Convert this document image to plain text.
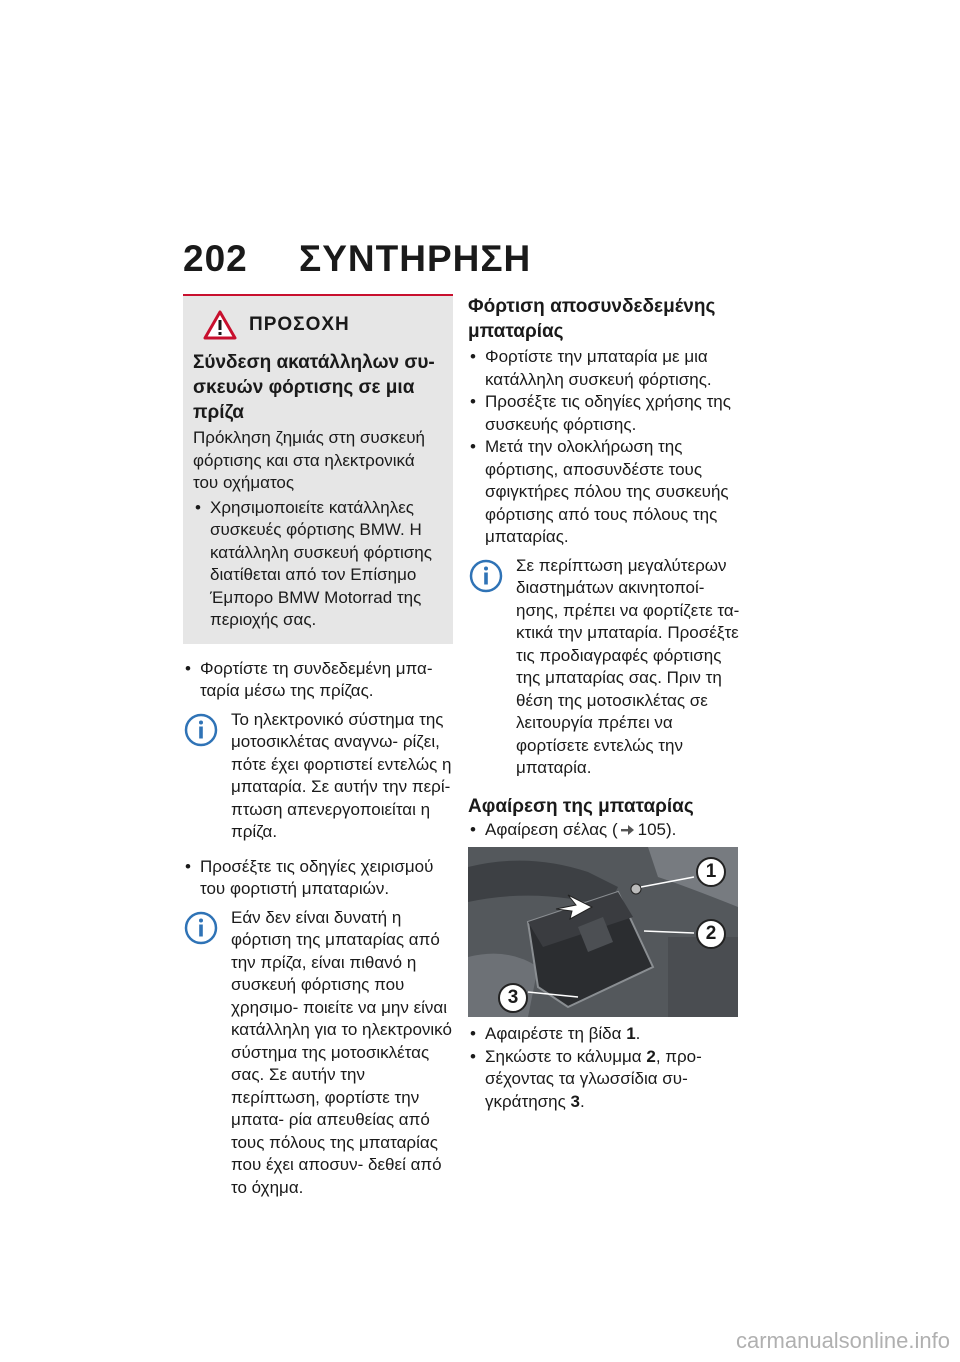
202 ΣΥΝΤΗΡΗΣΗ
ΠΡΟΣΟΧΗ
Σύνδεση ακατάλληλων συ- σκευών φόρτισης σε μια πρίζα
Πρόκληση ζημιάς στη συσκευή φόρτισης και στα ηλεκτρονικά του οχήματος
• Χρησιμοποιείτε κατάλληλες συσκευές φόρτισης BMW. Η κατάλληλη συσκευή φόρτισης διατίθεται από τον Επίσημο Έμπορο BMW Motorrad της περιοχής σας.
• Φορτίστε τη συνδεδεμένη μπα- ταρία μέσω της πρίζας.
Το ηλεκτρονικό σύστημα της μοτοσικλέτας αναγνω- ρίζει, πότε έχει φορτιστεί εντελώς η μπαταρία. Σε αυτήν την περί- πτωση απενεργοποιείται η πρίζα.
• Προσέξτε τις οδηγίες χειρισμού του φορτιστή μπαταριών.
Εάν δεν είναι δυνατή η φόρτιση της μπαταρίας από την πρίζα, είναι πιθανό η συσκευή φόρτισης που χρησιμο- ποιείτε να μην είναι κατάλληλη για το ηλεκτρονικό σύστημα της μοτοσικλέτας σας. Σε αυτήν την περίπτωση, φορτίστε την μπατα- ρία απευθείας από τους πόλους της μπαταρίας που έχει αποσυν- δεθεί από το όχημα.
Φόρτιση αποσυνδεδεμένης μπαταρίας
• Φορτίστε την μπαταρία με μια κατάλληλη συσκευή φόρτισης.
• Προσέξτε τις οδηγίες χρήσης της συσκευής φόρτισης.
• Μετά την ολοκλήρωση της φόρτισης, αποσυνδέστε τους σφιγκτήρες πόλου της συσκευής φόρτισης από τους πόλους της μπαταρίας.
Σε περίπτωση μεγαλύτερων διαστημάτων ακινητοποί- ησης, πρέπει να φορτίζετε τα- κτικά την μπαταρία. Προσέξτε τις προδιαγραφές φόρτισης της μπαταρίας σας. Πριν τη θέση της μοτοσικλέτας σε λειτουργία πρέπει να φορτίσετε εντελώς την μπαταρία.
Αφαίρεση της μπαταρίας
• Αφαίρεση σέλας ( 105).
1
2
3
• Αφαιρέστε τη βίδα 1.
• Σηκώστε το κάλυμμα 2, προ- σέχοντας τα γλωσσίδια συ- γκράτησης 3.
carmanualsonline.info
